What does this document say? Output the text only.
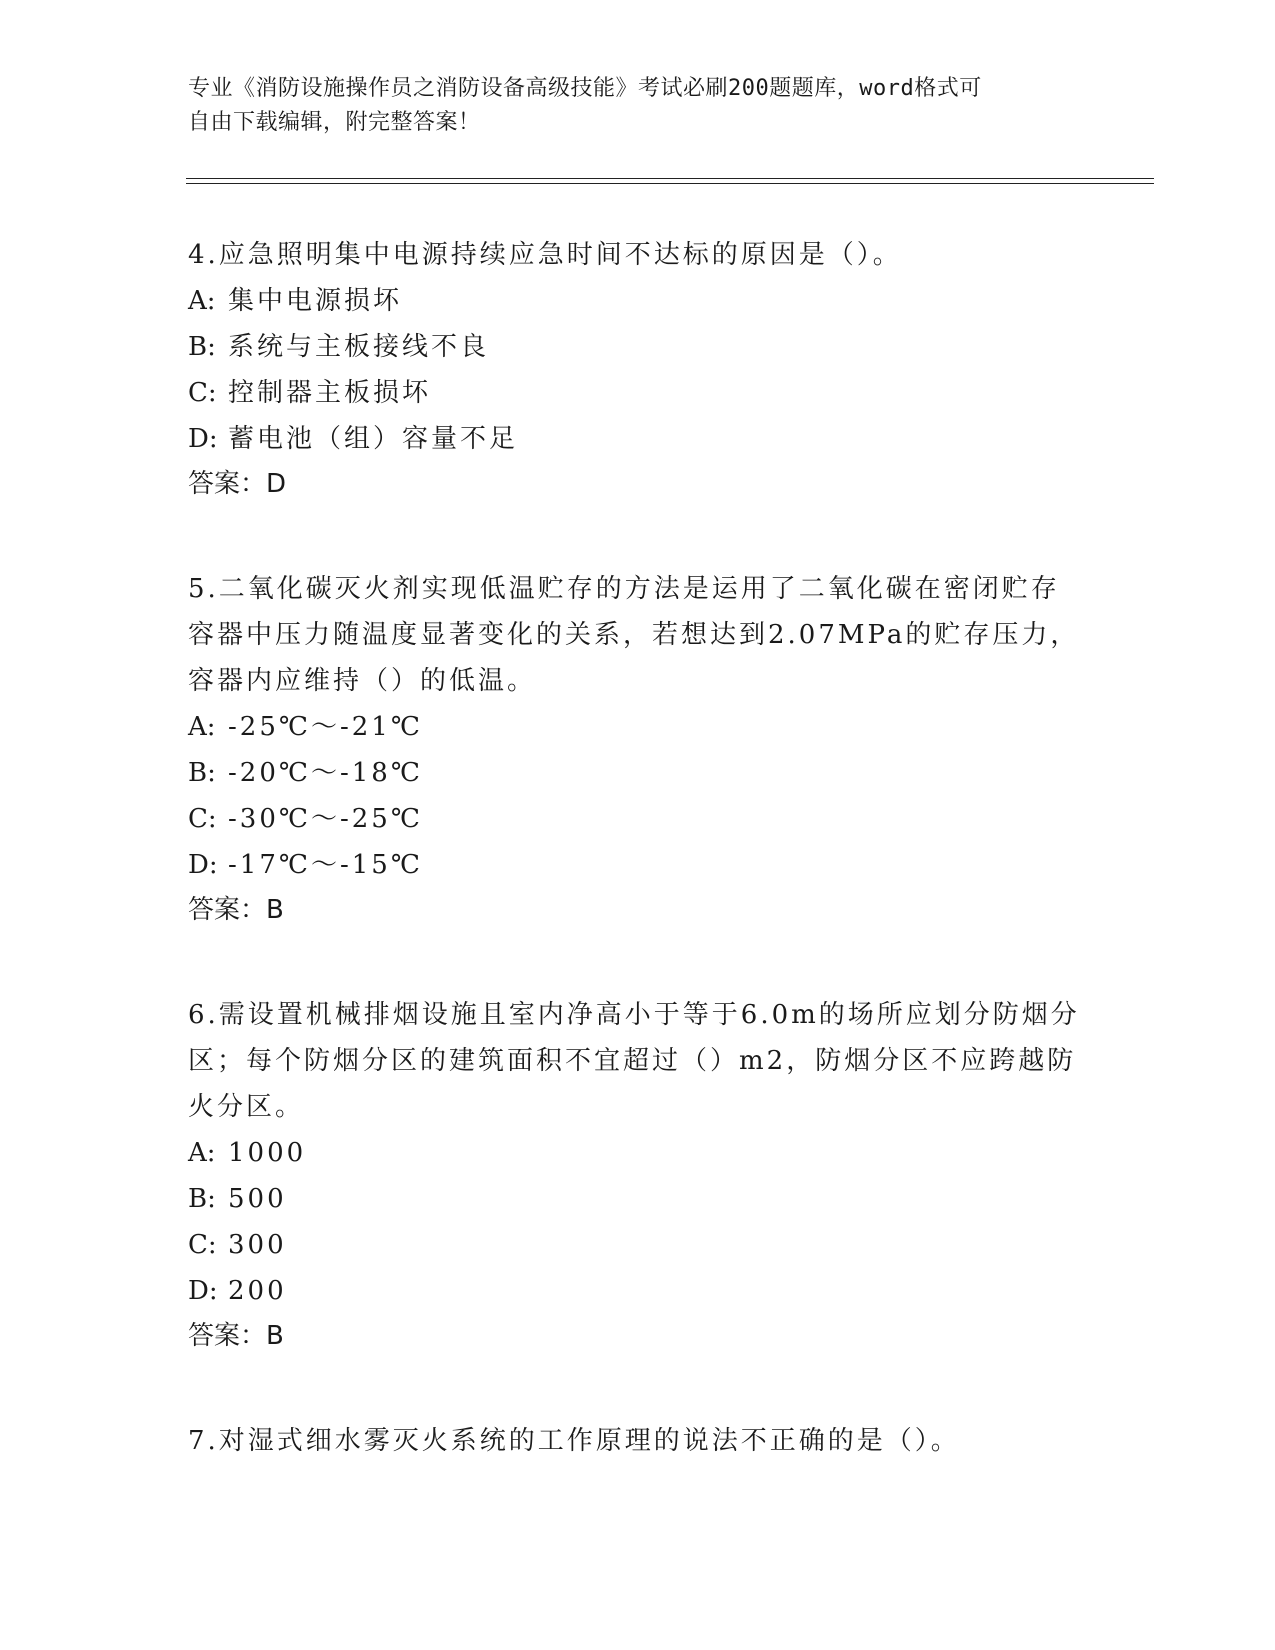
专业《消防设施操作员之消防设备高级技能》考试必刷200题题库，word格式可
自由下载编辑，附完整答案！

4.应急照明集中电源持续应急时间不达标的原因是（）。

A: 集中电源损坏

B: 系统与主板接线不良

C: 控制器主板损坏

D: 蓄电池（组）容量不足

答案：D

5.二氧化碳灭火剂实现低温贮存的方法是运用了二氧化碳在密闭贮存容器中压力随温度显著变化的关系，若想达到2.07MPa的贮存压力，容器内应维持（）的低温。

A: -25℃～-21℃

B: -20℃～-18℃

C: -30℃～-25℃

D: -17℃～-15℃

答案：B

6.需设置机械排烟设施且室内净高小于等于6.0m的场所应划分防烟分区；每个防烟分区的建筑面积不宜超过（）m2，防烟分区不应跨越防火分区。

A: 1000

B: 500

C: 300

D: 200

答案：B

7.对湿式细水雾灭火系统的工作原理的说法不正确的是（）。
